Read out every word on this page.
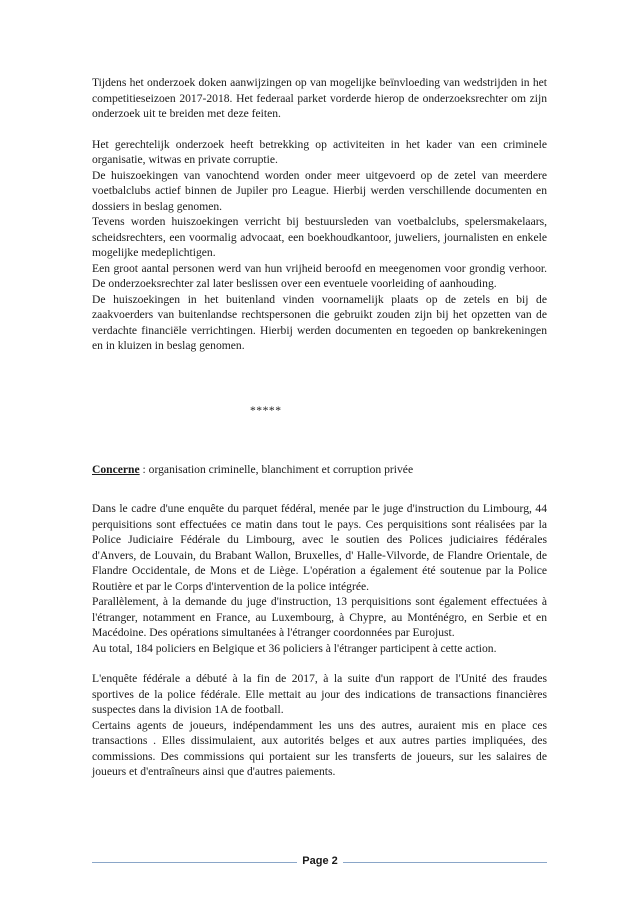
Tijdens het onderzoek doken aanwijzingen op van mogelijke beïnvloeding van wedstrijden in het competitieseizoen 2017-2018. Het federaal parket vorderde hierop de onderzoeksrechter om zijn onderzoek uit te breiden met deze feiten.

Het gerechtelijk onderzoek heeft betrekking op activiteiten in het kader van een criminele organisatie, witwas en private corruptie.

De huiszoekingen van vanochtend worden onder meer uitgevoerd op de zetel van meerdere voetbalclubs actief binnen de Jupiler pro League. Hierbij werden verschillende documenten en dossiers in beslag genomen.

Tevens worden huiszoekingen verricht bij bestuursleden van voetbalclubs, spelersmakelaars, scheidsrechters, een voormalig advocaat, een boekhoudkantoor, juweliers, journalisten en enkele mogelijke medeplichtigen.

Een groot aantal personen werd van hun vrijheid beroofd en meegenomen voor grondig verhoor. De onderzoeksrechter zal later beslissen over een eventuele voorleiding of aanhouding.

De huiszoekingen in het buitenland vinden voornamelijk plaats op de zetels en bij de zaakvoerders van buitenlandse rechtspersonen die gebruikt zouden zijn bij het opzetten van de verdachte financiële verrichtingen. Hierbij werden documenten en tegoeden op bankrekeningen en in kluizen in beslag genomen.

*****
Concerne : organisation criminelle, blanchiment et corruption privée

Dans le cadre d'une enquête du parquet fédéral, menée par le juge d'instruction du Limbourg, 44 perquisitions sont effectuées ce matin dans tout le pays. Ces perquisitions sont réalisées par la Police Judiciaire Fédérale du Limbourg, avec le soutien des Polices judiciaires fédérales d'Anvers, de Louvain, du Brabant Wallon, Bruxelles, d' Halle-Vilvorde, de Flandre Orientale, de Flandre Occidentale, de Mons et de Liège. L'opération a également été soutenue par la Police Routière et par le Corps d'intervention de la police intégrée.

Parallèlement, à la demande du juge d'instruction, 13 perquisitions sont également effectuées à l'étranger, notamment en France, au Luxembourg, à Chypre, au Monténégro, en Serbie et en Macédoine. Des opérations simultanées à l'étranger coordonnées par Eurojust.

Au total, 184 policiers en Belgique et 36 policiers à l'étranger participent à cette action.

L'enquête fédérale a débuté à la fin de 2017, à la suite d'un rapport de l'Unité des fraudes sportives de la police fédérale. Elle mettait au jour des indications de transactions financières suspectes dans la division 1A de football.

Certains agents de joueurs, indépendamment les uns des autres, auraient mis en place ces transactions . Elles dissimulaient, aux autorités belges et aux autres parties impliquées, des commissions. Des commissions qui portaient sur les transferts de joueurs, sur les salaires de joueurs et d'entraîneurs ainsi que d'autres paiements.

Page 2
